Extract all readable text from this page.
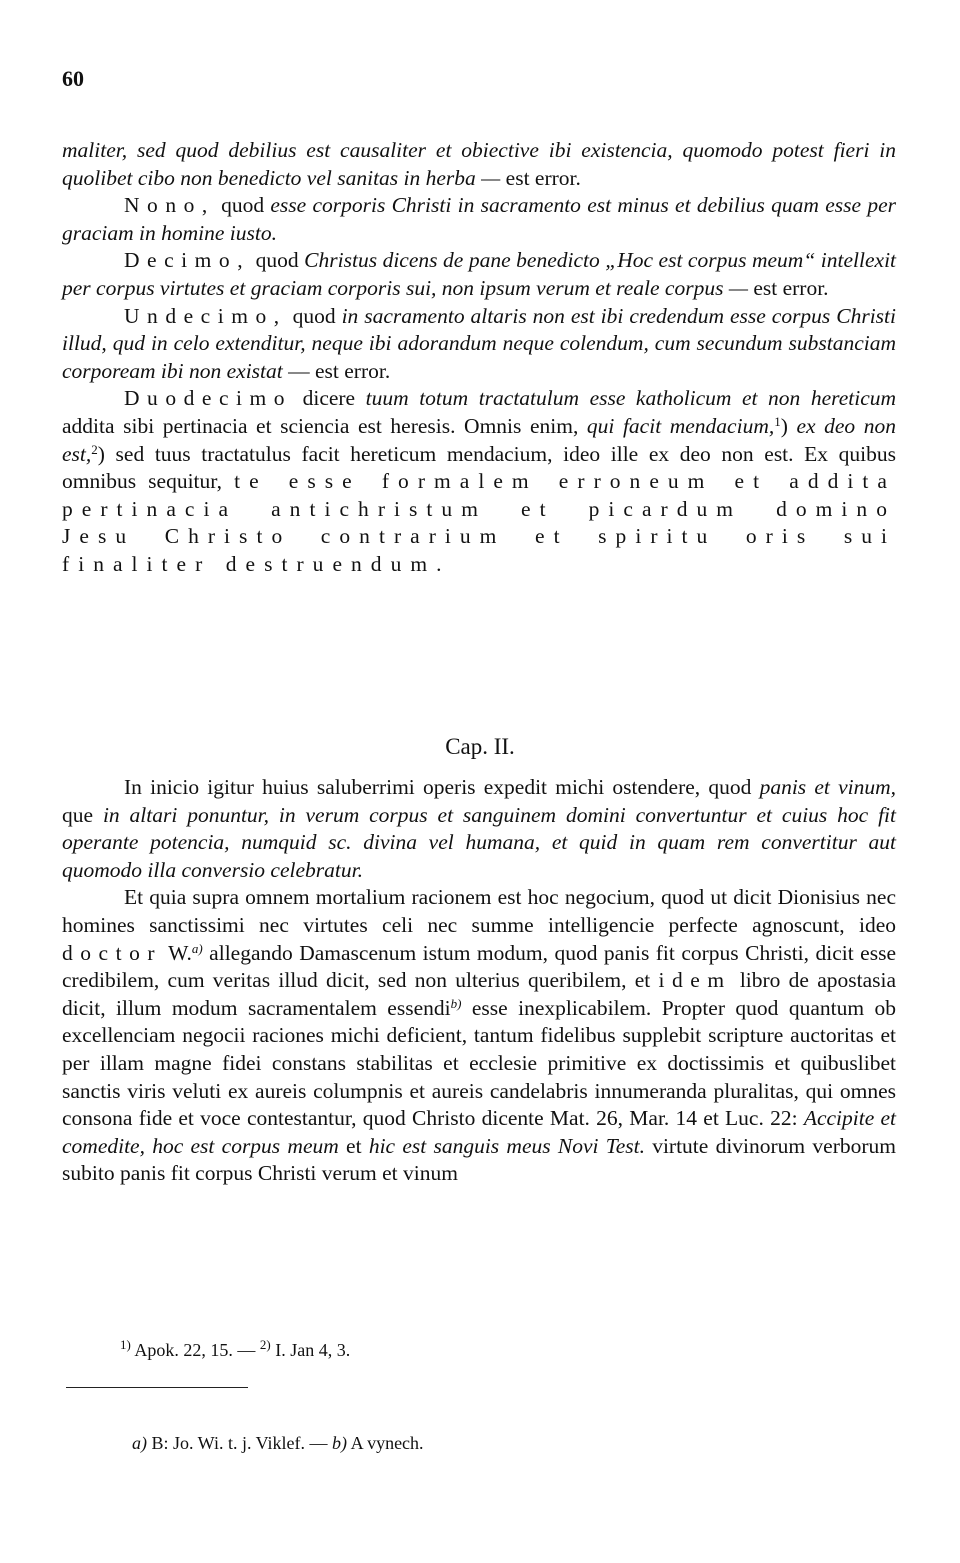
60

maliter, sed quod debilius est causaliter et obiective ibi existencia, quomodo potest fieri in quolibet cibo non benedicto vel sanitas in herba — est error.

Nono, quod esse corporis Christi in sacramento est minus et debilius quam esse per graciam in homine iusto.

Decimo, quod Christus dicens de pane benedicto „Hoc est corpus meum“ intellexit per corpus virtutes et graciam corporis sui, non ipsum verum et reale corpus — est error.

Undecimo, quod in sacramento altaris non est ibi credendum esse corpus Christi illud, qud in celo extenditur, neque ibi adorandum neque colendum, cum secundum substanciam corpoream ibi non existat — est error.

Duodecimo dicere tuum totum tractatulum esse katholicum et non hereticum addita sibi pertinacia et sciencia est heresis. Omnis enim, qui facit mendacium,$^1$) ex deo non est,$^2$) sed tuus tractatulus facit hereticum mendacium, ideo ille ex deo non est. Ex quibus omnibus sequitur, te esse formalem erroneum et addita pertinacia antichristum et picardum domino Jesu Christo contrarium et spiritu oris sui finaliter destruendum.

Cap. II.

In inicio igitur huius saluberrimi operis expedit michi ostendere, quod panis et vinum, que in altari ponuntur, in verum corpus et sanguinem domini convertuntur et cuius hoc fit operante potencia, numquid sc. divina vel humana, et quid in quam rem convertitur aut quomodo illa conversio celebratur.

Et quia supra omnem mortalium racionem est hoc negocium, quod ut dicit Dionisius nec homines sanctissimi nec virtutes celi nec summe intelligencie perfecte agnoscunt, ideo doctor W.$^{a)}$ allegando Damascenum istum modum, quod panis fit corpus Christi, dicit esse credibilem, cum veritas illud dicit, sed non ulterius queribilem, et idem libro de apostasia dicit, illum modum sacramentalem essendi$^{b)}$ esse inexplicabilem. Propter quod quantum ob excellenciam negocii raciones michi deficient, tantum fidelibus supplebit scripture auctoritas et per illam magne fidei constans stabilitas et ecclesie primitive ex doctissimis et quibuslibet sanctis viris veluti ex aureis columpnis et aureis candelabris innumeranda pluralitas, qui omnes consona fide et voce contestantur, quod Christo dicente Mat. 26, Mar. 14 et Luc. 22: Accipite et comedite, hoc est corpus meum et hic est sanguis meus Novi Test. virtute divinorum verborum subito panis fit corpus Christi verum et vinum

$^{1)}$ Apok. 22, 15. — $^{2)}$ I. Jan 4, 3.
a) B: Jo. Wi. t. j. Viklef. — b) A vynech.
